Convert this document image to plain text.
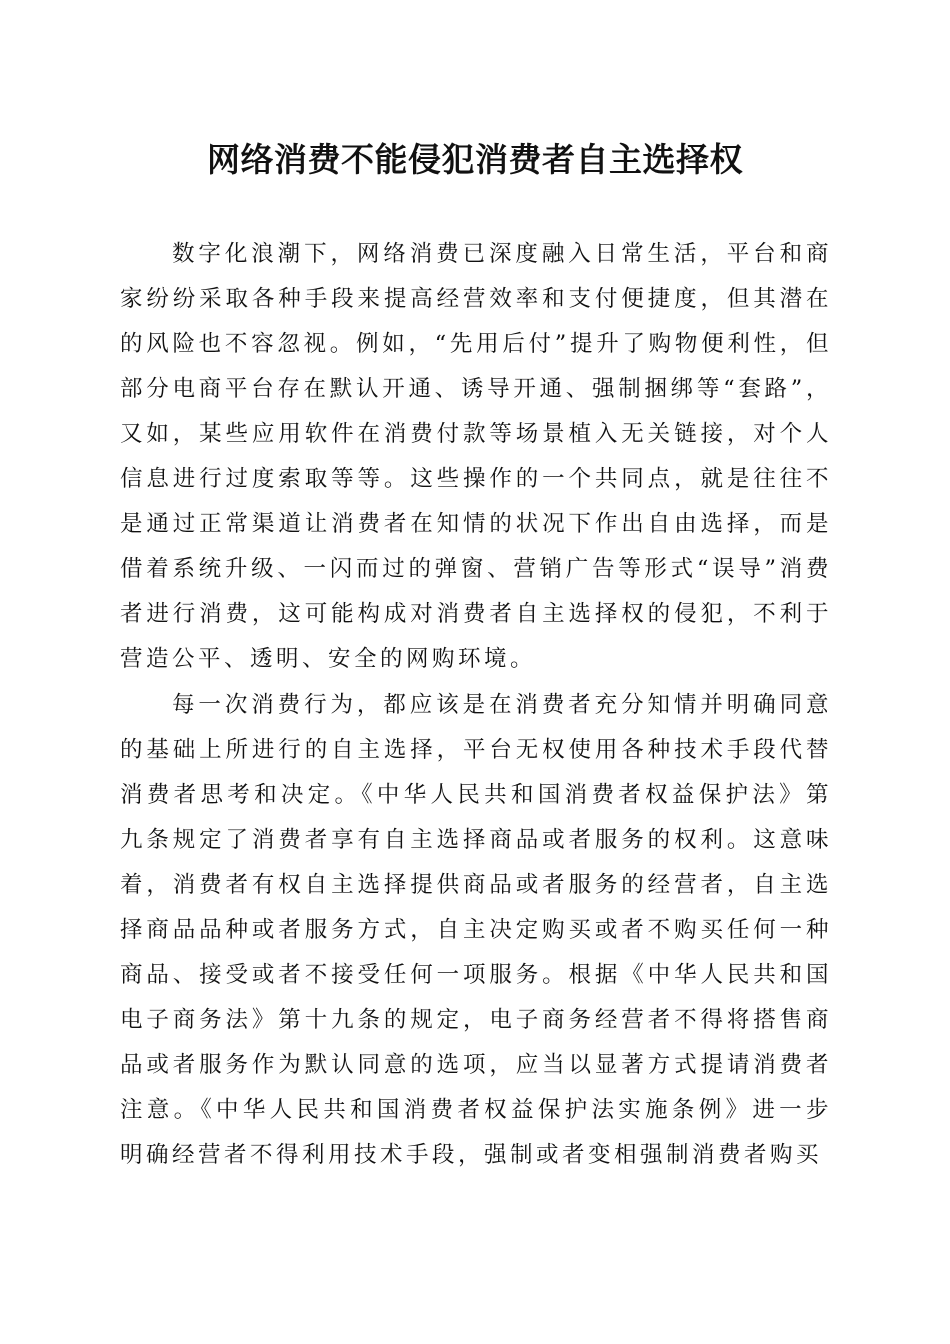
网络消费不能侵犯消费者自主选择权

数字化浪潮下，网络消费已深度融入日常生活，平台和商家纷纷采取各种手段来提高经营效率和支付便捷度，但其潜在的风险也不容忽视。例如，“先用后付”提升了购物便利性，但部分电商平台存在默认开通、诱导开通、强制捆绑等“套路”，又如，某些应用软件在消费付款等场景植入无关链接，对个人信息进行过度索取等等。这些操作的一个共同点，就是往往不是通过正常渠道让消费者在知情的状况下作出自由选择，而是借着系统升级、一闪而过的弹窗、营销广告等形式“误导”消费者进行消费，这可能构成对消费者自主选择权的侵犯，不利于营造公平、透明、安全的网购环境。

每一次消费行为，都应该是在消费者充分知情并明确同意的基础上所进行的自主选择，平台无权使用各种技术手段代替消费者思考和决定。《中华人民共和国消费者权益保护法》第九条规定了消费者享有自主选择商品或者服务的权利。这意味着，消费者有权自主选择提供商品或者服务的经营者，自主选择商品品种或者服务方式，自主决定购买或者不购买任何一种商品、接受或者不接受任何一项服务。根据《中华人民共和国电子商务法》第十九条的规定，电子商务经营者不得将搭售商品或者服务作为默认同意的选项，应当以显著方式提请消费者注意。《中华人民共和国消费者权益保护法实施条例》进一步明确经营者不得利用技术手段，强制或者变相强制消费者购买
